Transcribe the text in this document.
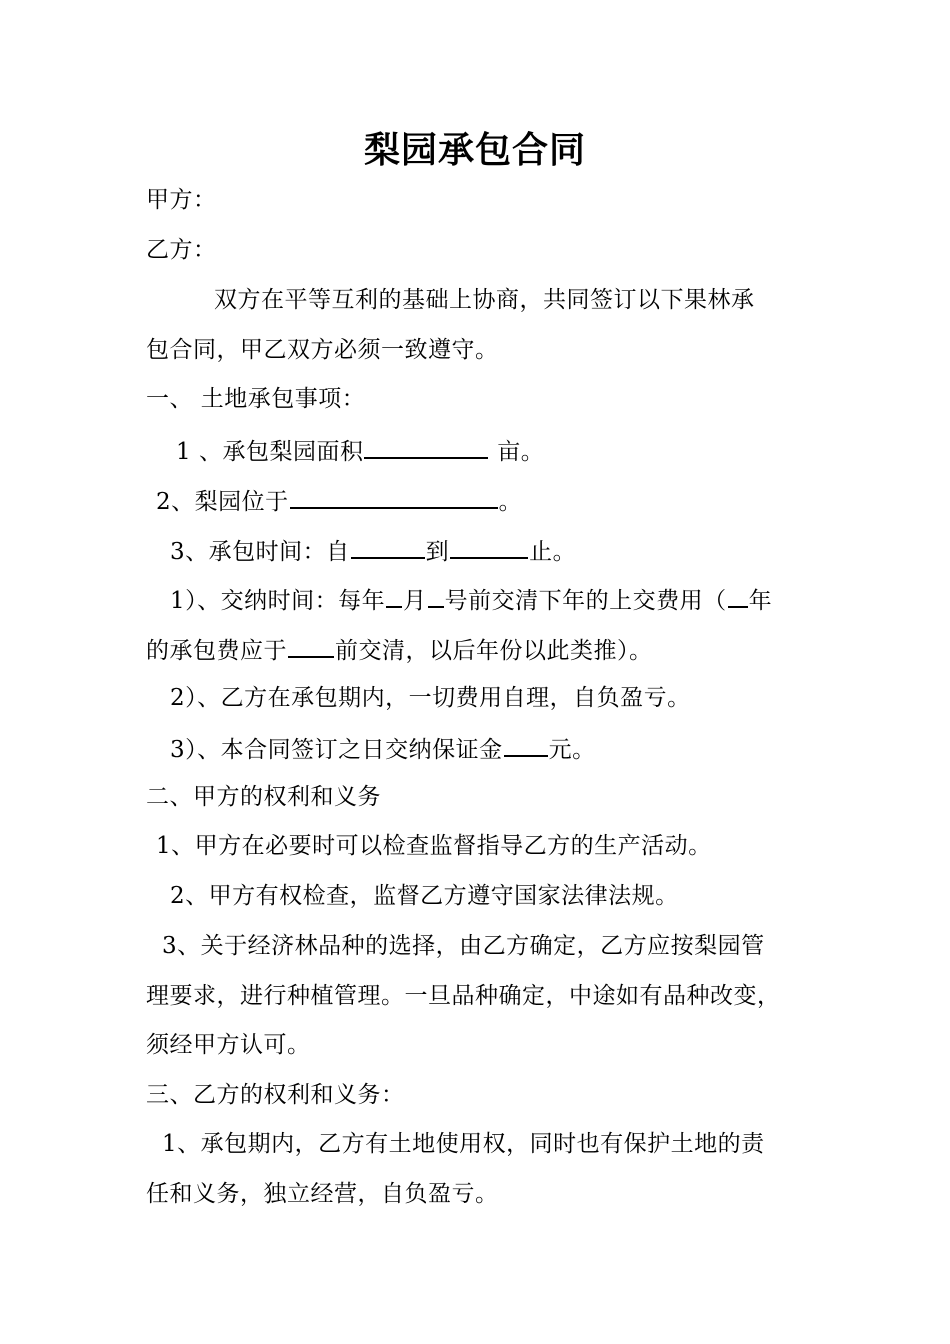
梨园承包合同
甲方：
乙方：
双方在平等互利的基础上协商，共同签订以下果林承
包合同，甲乙双方必须一致遵守。
一、 土地承包事项：
1 、承包梨园面积	亩。
2、梨园位于	。
3、承包时间：自	到	止。
1）、交纳时间：每年 月 号前交清下年的上交费用（ 年
的承包费应于 前交清，以后年份以此类推）。
2）、乙方在承包期内，一切费用自理，自负盈亏。
3）、本合同签订之日交纳保证金 元。
二、甲方的权利和义务
1、甲方在必要时可以检查监督指导乙方的生产活动。
2、甲方有权检查，监督乙方遵守国家法律法规。
3、关于经济林品种的选择，由乙方确定，乙方应按梨园管
理要求，进行种植管理。一旦品种确定，中途如有品种改变，
须经甲方认可。
三、乙方的权利和义务：
1、承包期内，乙方有土地使用权，同时也有保护土地的责
任和义务，独立经营，自负盈亏。
